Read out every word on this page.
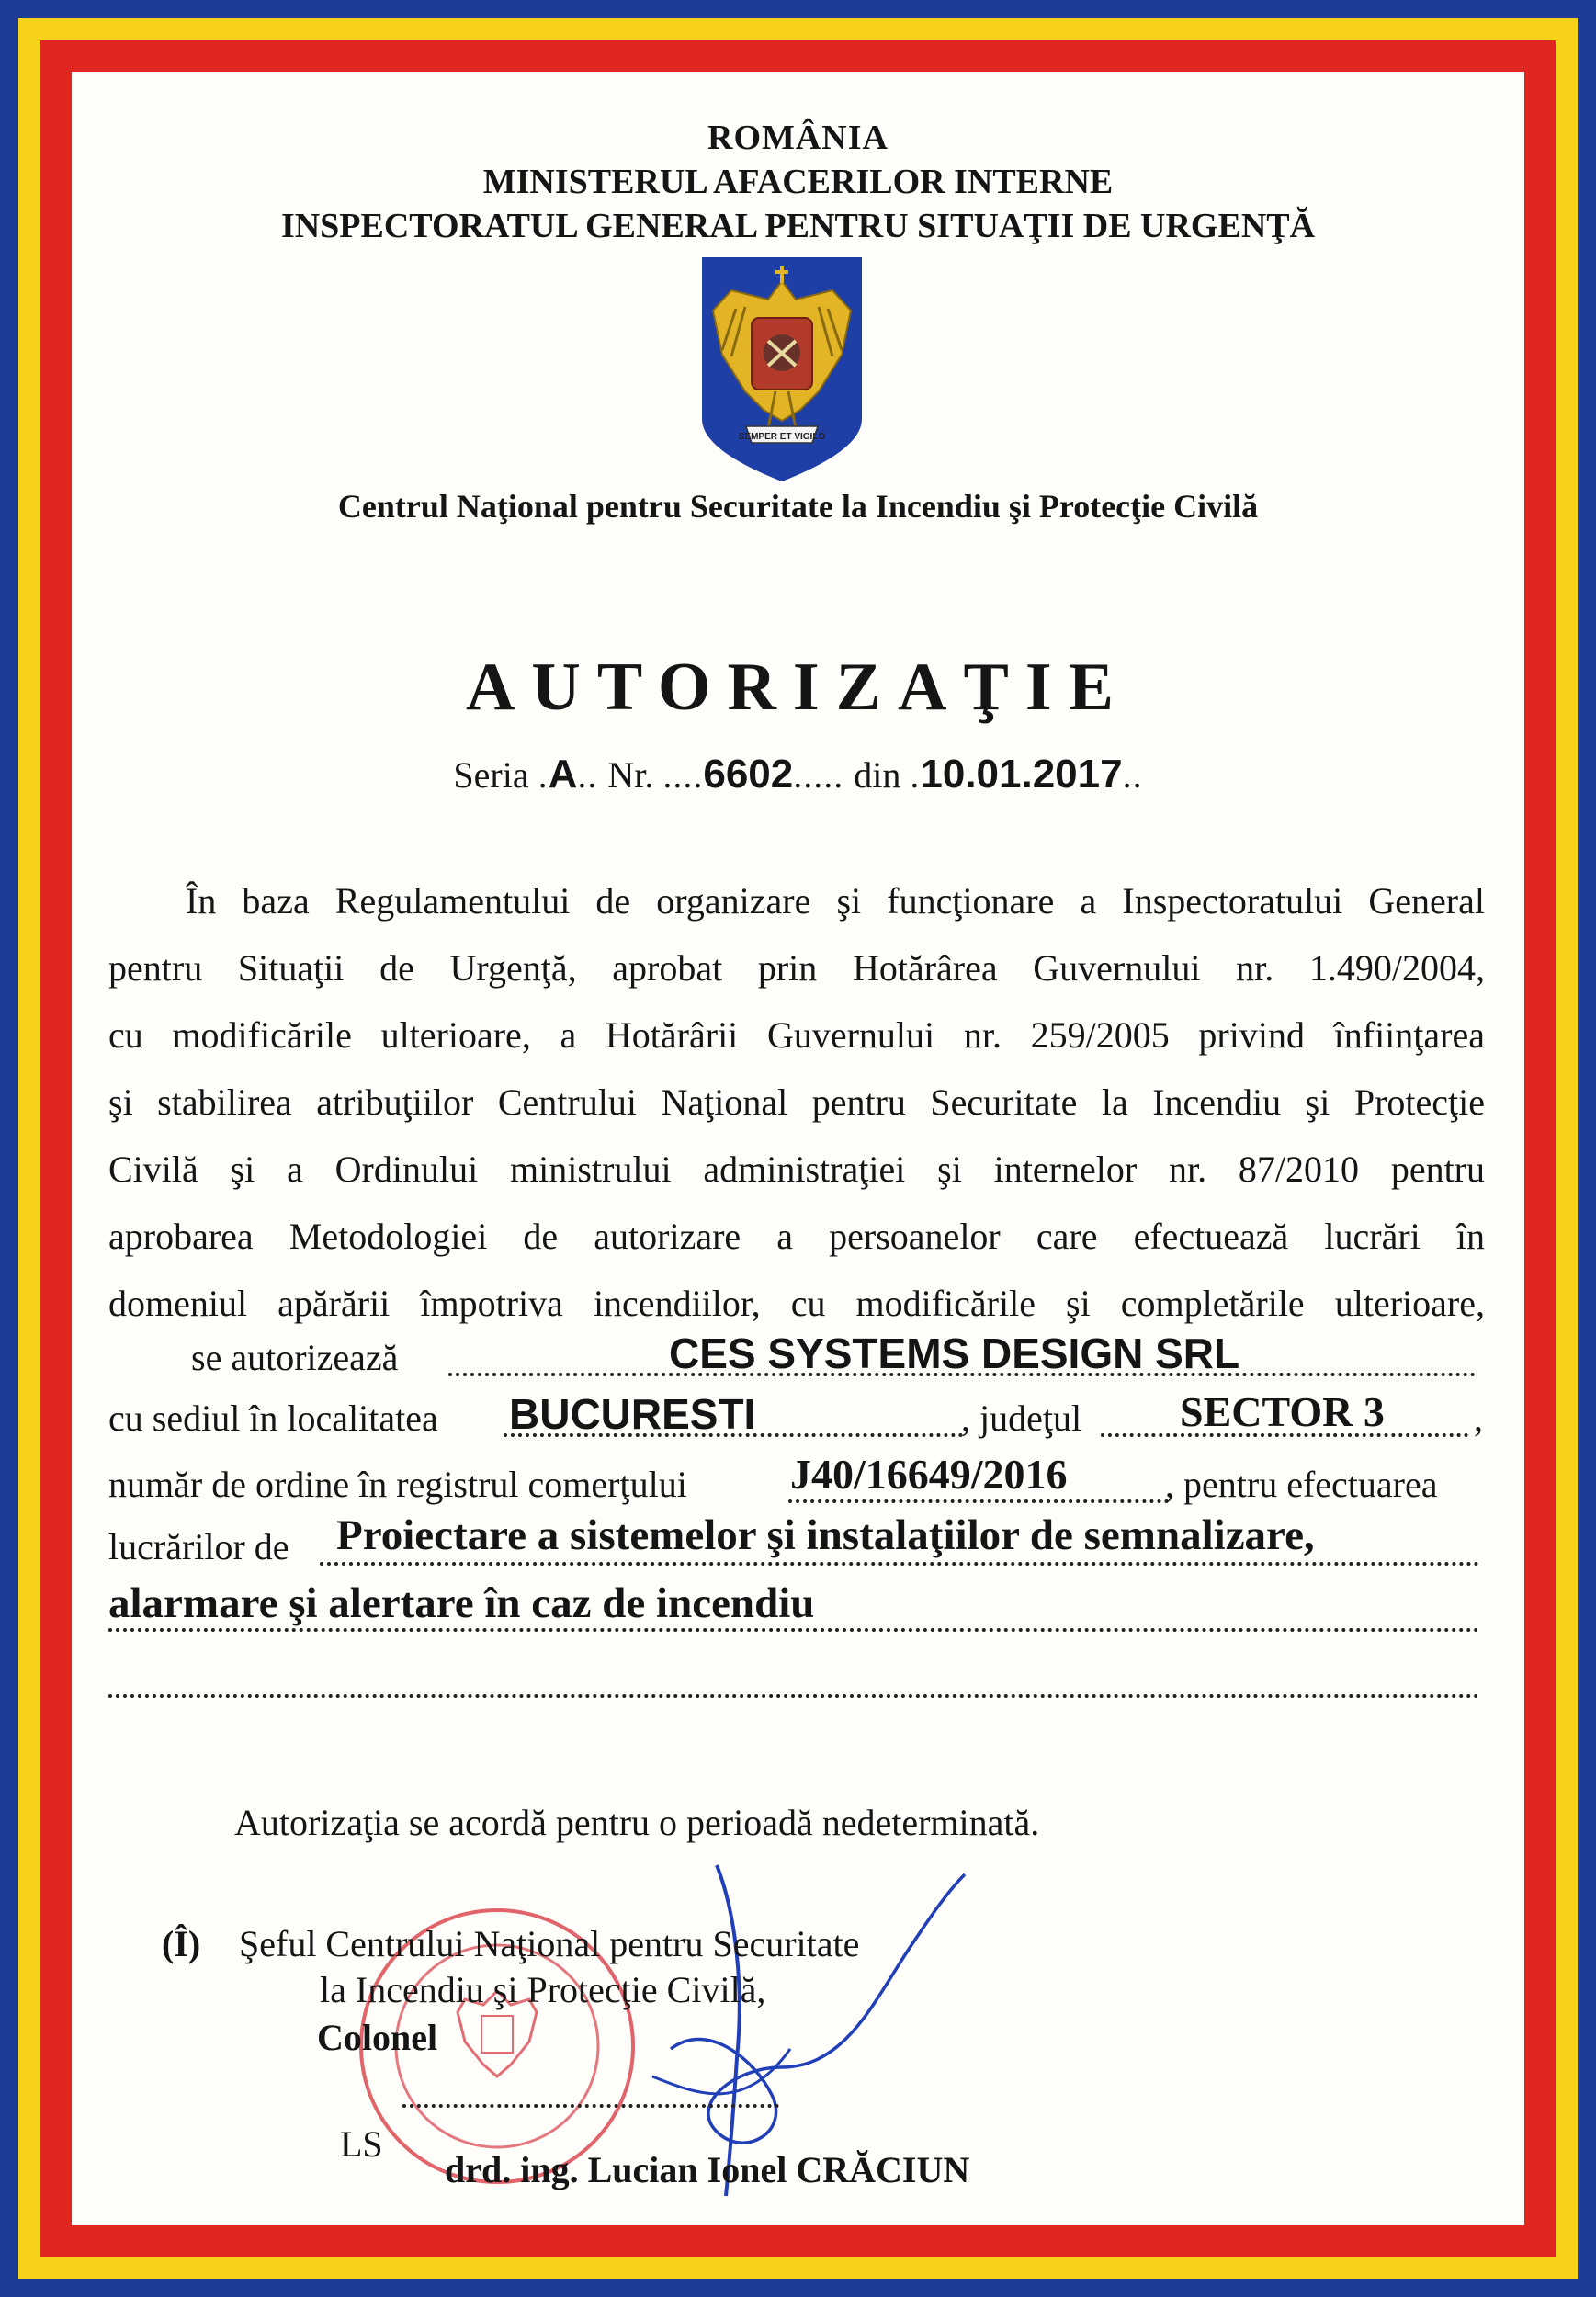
ROMÂNIA
MINISTERUL AFACERILOR INTERNE
INSPECTORATUL GENERAL PENTRU SITUAŢII DE URGENŢĂ
SEMPER ET VIGILO
Centrul Naţional pentru Securitate la Incendiu şi Protecţie Civilă
AUTORIZAŢIE
Seria .A.. Nr. ....6602..... din .10.01.2017..
În baza Regulamentului de organizare şi funcţionare a Inspectoratului General
pentru Situaţii de Urgenţă, aprobat prin Hotărârea Guvernului nr. 1.490/2004,
cu modificările ulterioare, a Hotărârii Guvernului nr. 259/2005 privind înfiinţarea
şi stabilirea atribuţiilor Centrului Naţional pentru Securitate la Incendiu şi Protecţie
Civilă şi a Ordinului ministrului administraţiei şi internelor nr. 87/2010 pentru
aprobarea Metodologiei de autorizare a persoanelor care efectuează lucrări în
domeniul apărării împotriva incendiilor, cu modificările şi completările ulterioare,
se autorizează	CES SYSTEMS DESIGN SRL
cu sediul în localitatea BUCURESTI	, judeţul SECTOR 3 ,
număr de ordine în registrul comerţului J40/16649/2016	, pentru efectuarea
lucrărilor de Proiectare a sistemelor şi instalaţiilor de semnalizare,
alarmare şi alertare în caz de incendiu
Autorizaţia se acordă pentru o perioadă nedeterminată.
(Î) Şeful Centrului Naţional pentru Securitate
la Incendiu şi Protecţie Civilă,
Colonel
LS
drd. ing. Lucian Ionel CRĂCIUN
